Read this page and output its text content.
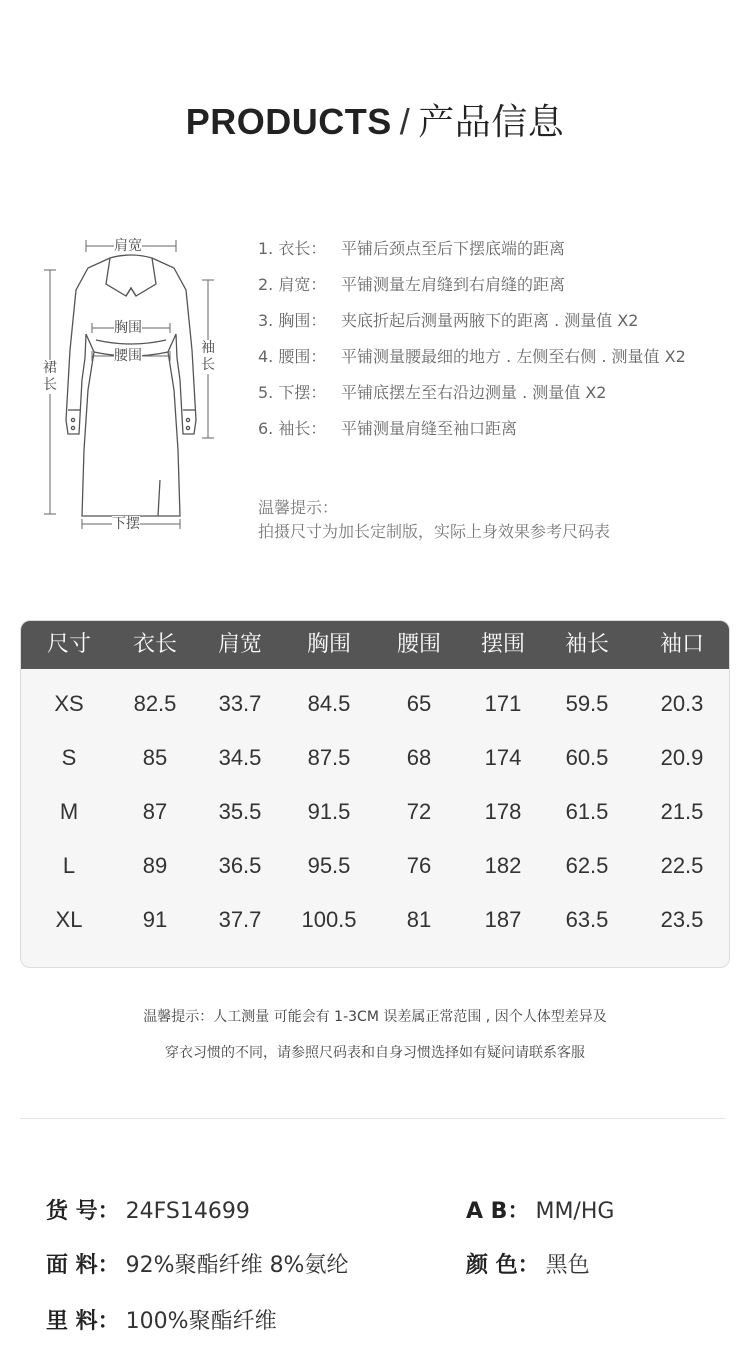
PRODUCTS / 产品信息
肩宽
胸围
腰围
下摆
裙
长
袖
长
1. 衣长： 平铺后颈点至后下摆底端的距离
2. 肩宽： 平铺测量左肩缝到右肩缝的距离
3. 胸围： 夹底折起后测量两腋下的距离 . 测量值 X2
4. 腰围： 平铺测量腰最细的地方 . 左侧至右侧 . 测量值 X2
5. 下摆： 平铺底摆左至右沿边测量 . 测量值 X2
6. 袖长： 平铺测量肩缝至袖口距离
温馨提示：
拍摄尺寸为加长定制版，实际上身效果参考尺码表
尺寸	衣长	肩宽	胸围	腰围	摆围	袖长	袖口
XS	82.5	33.7	84.5	65	171	59.5	20.3
S	85	34.5	87.5	68	174	60.5	20.9
M	87	35.5	91.5	72	178	61.5	21.5
L	89	36.5	95.5	76	182	62.5	22.5
XL	91	37.7	100.5	81	187	63.5	23.5
温馨提示：人工测量 可能会有 1-3CM 误差属正常范围 , 因个人体型差异及
穿衣习惯的不同，请参照尺码表和自身习惯选择如有疑问请联系客服
货 号： 24FS14699	A B： MM/HG
面 料： 92%聚酯纤维 8%氨纶	颜 色： 黑色
里 料： 100%聚酯纤维
